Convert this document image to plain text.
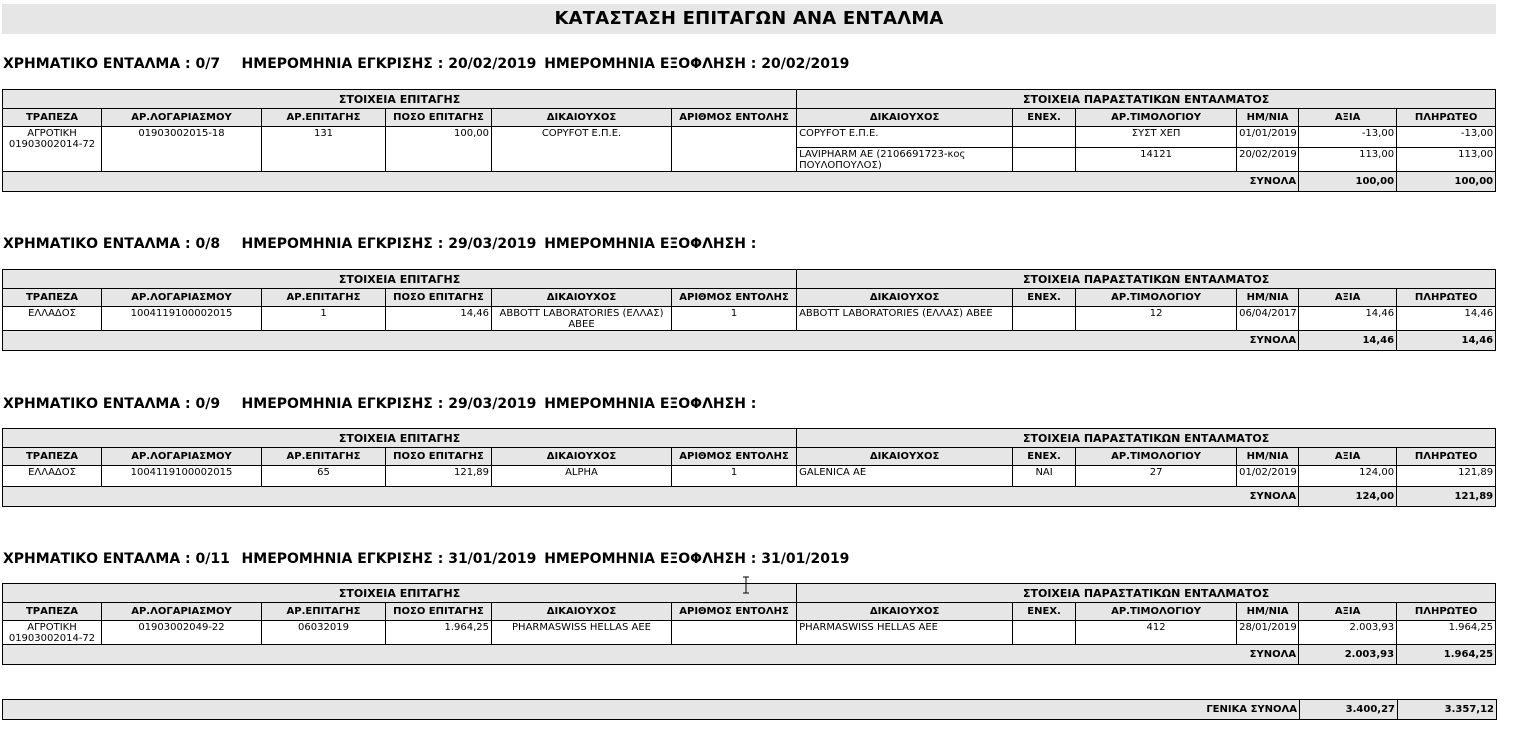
ΚΑΤΑΣΤΑΣΗ ΕΠΙΤΑΓΩΝ ΑΝΑ ΕΝΤΑΛΜΑ
ΧΡΗΜΑΤΙΚΟ ΕΝΤΑΛΜΑ : 0/7 ΗΜΕΡΟΜΗΝΙΑ ΕΓΚΡΙΣΗΣ : 20/02/2019 ΗΜΕΡΟΜΗΝΙΑ ΕΞΟΦΛΗΣΗ : 20/02/2019
ΣΤΟΙΧΕΙΑ ΕΠΙΤΑΓΗΣ						ΣΤΟΙΧΕΙΑ ΠΑΡΑΣΤΑΤΙΚΩΝ ΕΝΤΑΛΜΑΤΟΣ					
ΤΡΑΠΕΖΑ	ΑΡ.ΛΟΓΑΡΙΑΣΜΟΥ	ΑΡ.ΕΠΙΤΑΓΗΣ	ΠΟΣΟ ΕΠΙΤΑΓΗΣ	ΔΙΚΑΙΟΥΧΟΣ	ΑΡΙΘΜΟΣ ΕΝΤΟΛΗΣ	ΔΙΚΑΙΟΥΧΟΣ	ΕΝΕΧ.	ΑΡ.ΤΙΜΟΛΟΓΙΟΥ	ΗΜ/ΝΙΑ	ΑΞΙΑ	ΠΛΗΡΩΤΕΟ
ΑΓΡΟΤΙΚΗ 01903002014-72	01903002015-18	131	100,00	COPYFOT Ε.Π.Ε.		COPYFOT Ε.Π.Ε.		ΣΥΣΤ ΧΕΠ	01/01/2019	-13,00	-13,00
						LAVIPHARM AE (2106691723-κος ΠΟΥΛΟΠΟΥΛΟΣ)		14121	20/02/2019	113,00	113,00
ΣΥΝΟΛΑ										100,00	100,00
ΧΡΗΜΑΤΙΚΟ ΕΝΤΑΛΜΑ : 0/8 ΗΜΕΡΟΜΗΝΙΑ ΕΓΚΡΙΣΗΣ : 29/03/2019 ΗΜΕΡΟΜΗΝΙΑ ΕΞΟΦΛΗΣΗ :
ΣΤΟΙΧΕΙΑ ΕΠΙΤΑΓΗΣ						ΣΤΟΙΧΕΙΑ ΠΑΡΑΣΤΑΤΙΚΩΝ ΕΝΤΑΛΜΑΤΟΣ					
ΤΡΑΠΕΖΑ	ΑΡ.ΛΟΓΑΡΙΑΣΜΟΥ	ΑΡ.ΕΠΙΤΑΓΗΣ	ΠΟΣΟ ΕΠΙΤΑΓΗΣ	ΔΙΚΑΙΟΥΧΟΣ	ΑΡΙΘΜΟΣ ΕΝΤΟΛΗΣ	ΔΙΚΑΙΟΥΧΟΣ	ΕΝΕΧ.	ΑΡ.ΤΙΜΟΛΟΓΙΟΥ	ΗΜ/ΝΙΑ	ΑΞΙΑ	ΠΛΗΡΩΤΕΟ
ΕΛΛΑΔΟΣ	1004119100002015	1	14,46	ABBOTT LABORATORIES (ΕΛΛΑΣ) ΑΒΕΕ	1	ABBOTT LABORATORIES (ΕΛΛΑΣ) ΑΒΕΕ		12	06/04/2017	14,46	14,46
ΣΥΝΟΛΑ										14,46	14,46
ΧΡΗΜΑΤΙΚΟ ΕΝΤΑΛΜΑ : 0/9 ΗΜΕΡΟΜΗΝΙΑ ΕΓΚΡΙΣΗΣ : 29/03/2019 ΗΜΕΡΟΜΗΝΙΑ ΕΞΟΦΛΗΣΗ :
ΣΤΟΙΧΕΙΑ ΕΠΙΤΑΓΗΣ						ΣΤΟΙΧΕΙΑ ΠΑΡΑΣΤΑΤΙΚΩΝ ΕΝΤΑΛΜΑΤΟΣ					
ΤΡΑΠΕΖΑ	ΑΡ.ΛΟΓΑΡΙΑΣΜΟΥ	ΑΡ.ΕΠΙΤΑΓΗΣ	ΠΟΣΟ ΕΠΙΤΑΓΗΣ	ΔΙΚΑΙΟΥΧΟΣ	ΑΡΙΘΜΟΣ ΕΝΤΟΛΗΣ	ΔΙΚΑΙΟΥΧΟΣ	ΕΝΕΧ.	ΑΡ.ΤΙΜΟΛΟΓΙΟΥ	ΗΜ/ΝΙΑ	ΑΞΙΑ	ΠΛΗΡΩΤΕΟ
ΕΛΛΑΔΟΣ	1004119100002015	65	121,89	ALPHA	1	GALENICA AE	ΝΑΙ	27	01/02/2019	124,00	121,89
ΣΥΝΟΛΑ										124,00	121,89
ΧΡΗΜΑΤΙΚΟ ΕΝΤΑΛΜΑ : 0/11 ΗΜΕΡΟΜΗΝΙΑ ΕΓΚΡΙΣΗΣ : 31/01/2019 ΗΜΕΡΟΜΗΝΙΑ ΕΞΟΦΛΗΣΗ : 31/01/2019
ΣΤΟΙΧΕΙΑ ΕΠΙΤΑΓΗΣ						ΣΤΟΙΧΕΙΑ ΠΑΡΑΣΤΑΤΙΚΩΝ ΕΝΤΑΛΜΑΤΟΣ					
ΤΡΑΠΕΖΑ	ΑΡ.ΛΟΓΑΡΙΑΣΜΟΥ	ΑΡ.ΕΠΙΤΑΓΗΣ	ΠΟΣΟ ΕΠΙΤΑΓΗΣ	ΔΙΚΑΙΟΥΧΟΣ	ΑΡΙΘΜΟΣ ΕΝΤΟΛΗΣ	ΔΙΚΑΙΟΥΧΟΣ	ΕΝΕΧ.	ΑΡ.ΤΙΜΟΛΟΓΙΟΥ	ΗΜ/ΝΙΑ	ΑΞΙΑ	ΠΛΗΡΩΤΕΟ
ΑΓΡΟΤΙΚΗ 01903002014-72	01903002049-22	06032019	1.964,25	PHARMASWISS HELLAS AEE		PHARMASWISS HELLAS AEE		412	28/01/2019	2.003,93	1.964,25
ΣΥΝΟΛΑ										2.003,93	1.964,25
ΓΕΝΙΚΑ ΣΥΝΟΛΑ	3.400,27	3.357,12
